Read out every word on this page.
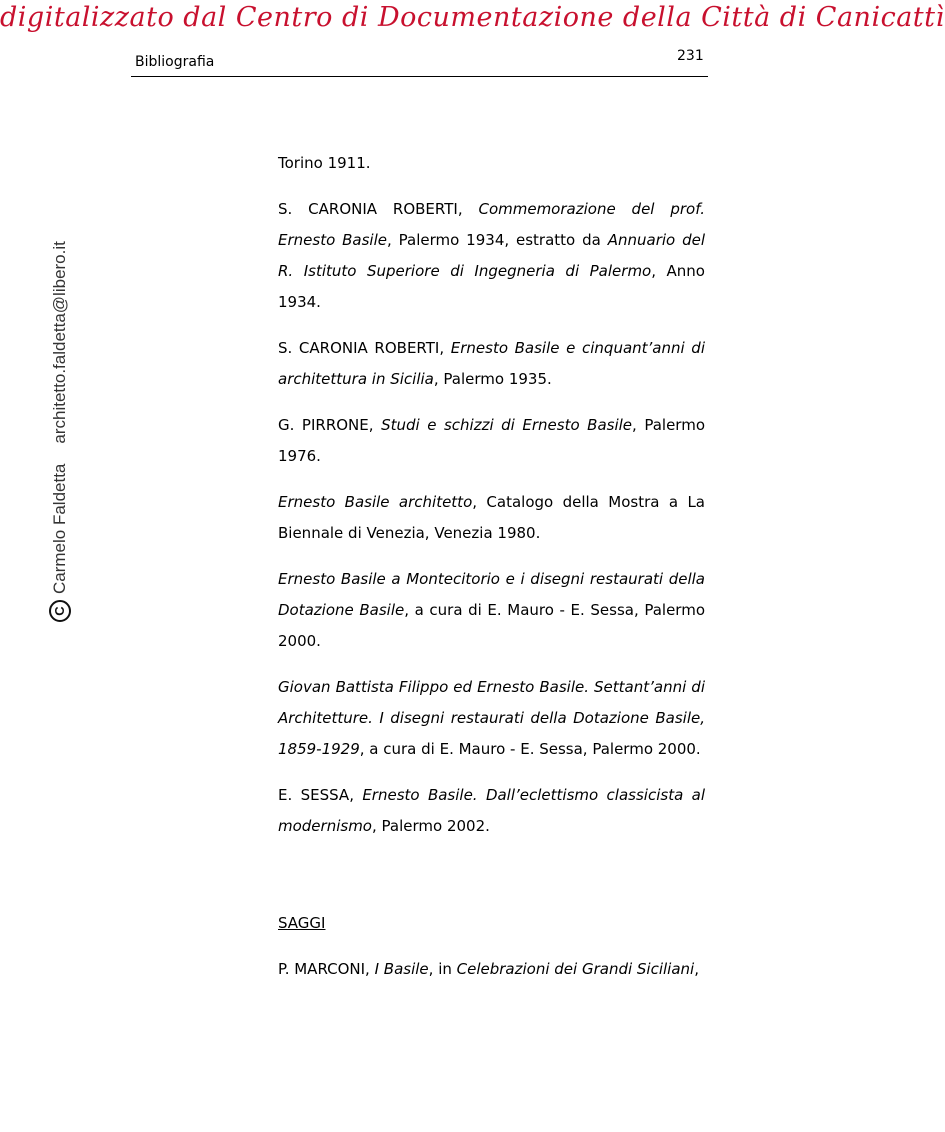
digitalizzato dal Centro di Documentazione della Città di Canicattì
Bibliografia	231
C
Carmelo Faldetta
architetto.faldetta@libero.it

Torino 1911.

S. CARONIA ROBERTI, Commemorazione del prof. Ernesto Basile, Palermo 1934, estratto da Annuario del R. Istituto Superiore di Ingegneria di Palermo, Anno 1934.

S. CARONIA ROBERTI, Ernesto Basile e cinquant’anni di architettura in Sicilia, Palermo 1935.

G. PIRRONE, Studi e schizzi di Ernesto Basile, Palermo 1976.

Ernesto Basile architetto, Catalogo della Mostra a La Biennale di Venezia, Venezia 1980.

Ernesto Basile a Montecitorio e i disegni restaurati della Dotazione Basile, a cura di E. Mauro - E. Sessa, Palermo 2000.

Giovan Battista Filippo ed Ernesto Basile. Settant’anni di Architetture. I disegni restaurati della Dotazione Basile, 1859-1929, a cura di E. Mauro - E. Sessa, Palermo 2000.

E. SESSA, Ernesto Basile. Dall’eclettismo classicista al modernismo, Palermo 2002.

SAGGI

P. MARCONI, I Basile, in Celebrazioni dei Grandi Siciliani,
